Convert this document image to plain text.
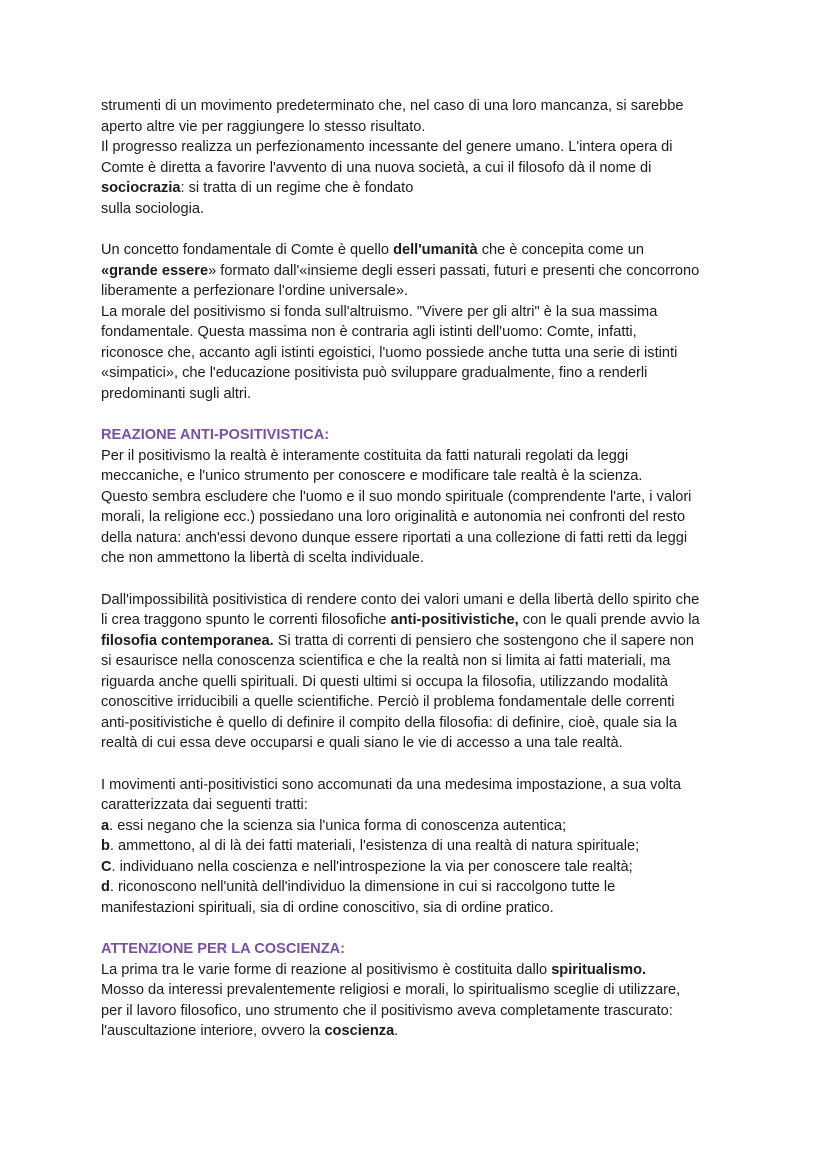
strumenti di un movimento predeterminato che, nel caso di una loro mancanza, si sarebbe
aperto altre vie per raggiungere lo stesso risultato.
Il progresso realizza un perfezionamento incessante del genere umano. L'intera opera di
Comte è diretta a favorire l'avvento di una nuova società, a cui il filosofo dà il nome di
sociocrazia: si tratta di un regime che è fondato
sulla sociologia.

Un concetto fondamentale di Comte è quello dell'umanità che è concepita come un
«grande essere» formato dall'«insieme degli esseri passati, futuri e presenti che concorrono
liberamente a perfezionare l'ordine universale».
La morale del positivismo si fonda sull'altruismo. "Vivere per gli altri" è la sua massima
fondamentale. Questa massima non è contraria agli istinti dell'uomo: Comte, infatti,
riconosce che, accanto agli istinti egoistici, l'uomo possiede anche tutta una serie di istinti
«simpatici», che l'educazione positivista può sviluppare gradualmente, fino a renderli
predominanti sugli altri.

REAZIONE ANTI-POSITIVISTICA:

Per il positivismo la realtà è interamente costituita da fatti naturali regolati da leggi
meccaniche, e l'unico strumento per conoscere e modificare tale realtà è la scienza.
Questo sembra escludere che l'uomo e il suo mondo spirituale (comprendente l'arte, i valori
morali, la religione ecc.) possiedano una loro originalità e autonomia nei confronti del resto
della natura: anch'essi devono dunque essere riportati a una collezione di fatti retti da leggi
che non ammettono la libertà di scelta individuale.

Dall'impossibilità positivistica di rendere conto dei valori umani e della libertà dello spirito che
li crea traggono spunto le correnti filosofiche anti-positivistiche, con le quali prende avvio la
filosofia contemporanea. Si tratta di correnti di pensiero che sostengono che il sapere non
si esaurisce nella conoscenza scientifica e che la realtà non si limita ai fatti materiali, ma
riguarda anche quelli spirituali. Di questi ultimi si occupa la filosofia, utilizzando modalità
conoscitive irriducibili a quelle scientifiche. Perciò il problema fondamentale delle correnti
anti-positivistiche è quello di definire il compito della filosofia: di definire, cioè, quale sia la
realtà di cui essa deve occuparsi e quali siano le vie di accesso a una tale realtà.

I movimenti anti-positivistici sono accomunati da una medesima impostazione, a sua volta
caratterizzata dai seguenti tratti:
a. essi negano che la scienza sia l'unica forma di conoscenza autentica;
b. ammettono, al di là dei fatti materiali, l'esistenza di una realtà di natura spirituale;
C. individuano nella coscienza e nell'introspezione la via per conoscere tale realtà;
d. riconoscono nell'unità dell'individuo la dimensione in cui si raccolgono tutte le
manifestazioni spirituali, sia di ordine conoscitivo, sia di ordine pratico.

ATTENZIONE PER LA COSCIENZA:

La prima tra le varie forme di reazione al positivismo è costituita dallo spiritualismo.
Mosso da interessi prevalentemente religiosi e morali, lo spiritualismo sceglie di utilizzare,
per il lavoro filosofico, uno strumento che il positivismo aveva completamente trascurato:
l'auscultazione interiore, ovvero la coscienza.
